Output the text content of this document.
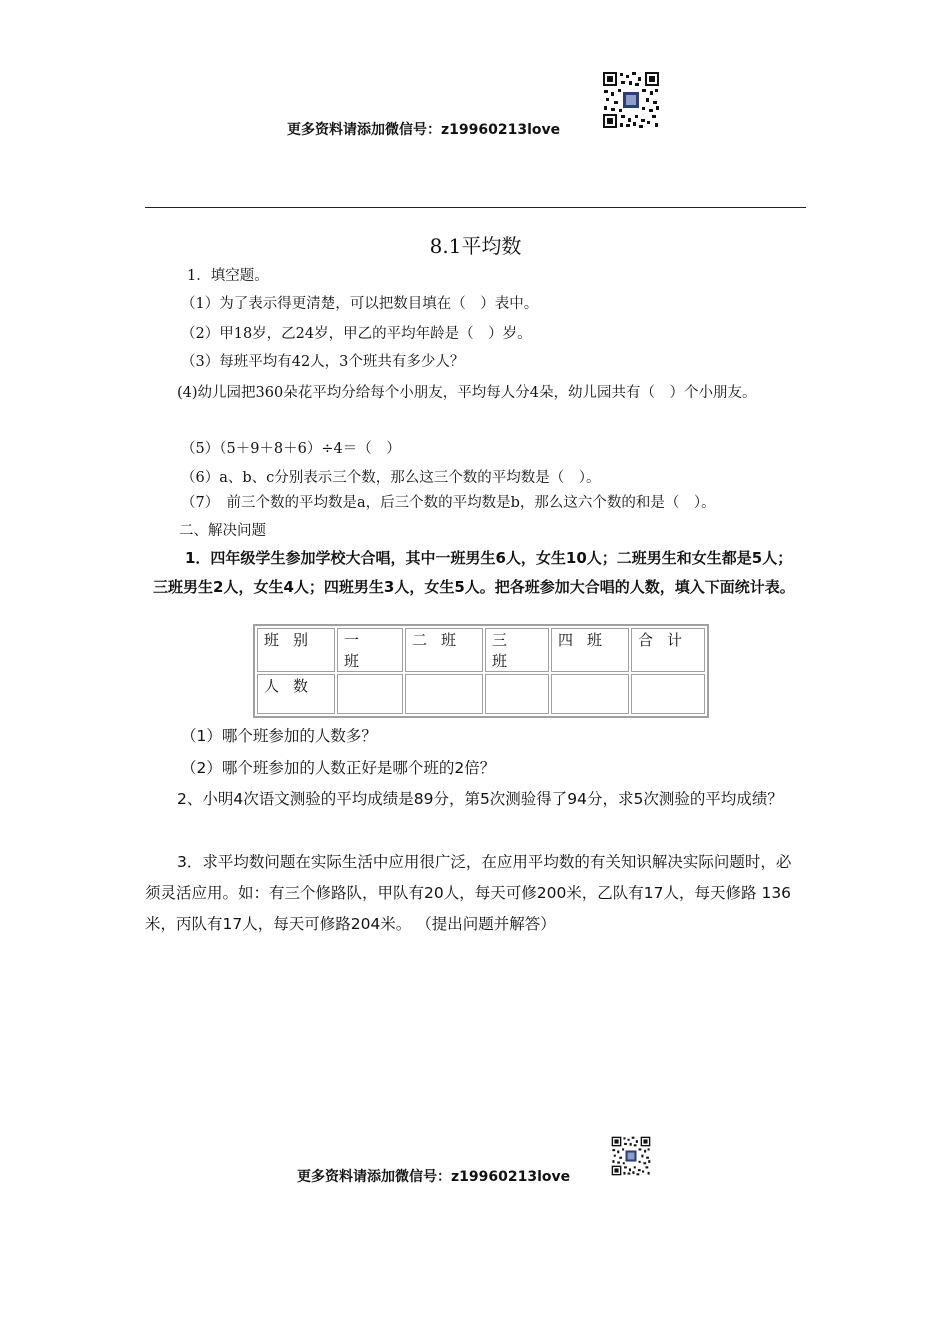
更多资料请添加微信号：z19960213love
8.1平均数
1．填空题。
（1）为了表示得更清楚，可以把数目填在（　）表中。
（2）甲18岁，乙24岁，甲乙的平均年龄是（　）岁。
（3）每班平均有42人，3个班共有多少人？
(4)幼儿园把360朵花平均分给每个小朋友，平均每人分4朵，幼儿园共有（　）个小朋友。
（5）（5＋9＋8＋6）÷4＝（　）
（6）a、b、c分别表示三个数，那么这三个数的平均数是（　）。
（7）　前三个数的平均数是a，后三个数的平均数是b，那么这六个数的和是（　）。
二、解决问题
1．四年级学生参加学校大合唱，其中一班男生6人，女生10人；二班男生和女生都是5人；三班男生2人，女生4人；四班男生3人，女生5人。把各班参加大合唱的人数，填入下面统计表。
班别	一班	二班	三班	四班	合计
人数					
（1）哪个班参加的人数多？
（2）哪个班参加的人数正好是哪个班的2倍？
2、小明4次语文测验的平均成绩是89分，第5次测验得了94分，求5次测验的平均成绩？
3．求平均数问题在实际生活中应用很广泛，在应用平均数的有关知识解决实际问题时，必须灵活应用。如：有三个修路队，甲队有20人，每天可修200米，乙队有17人，每天修路 136米，丙队有17人，每天可修路204米。 （提出问题并解答）
更多资料请添加微信号：z19960213love
